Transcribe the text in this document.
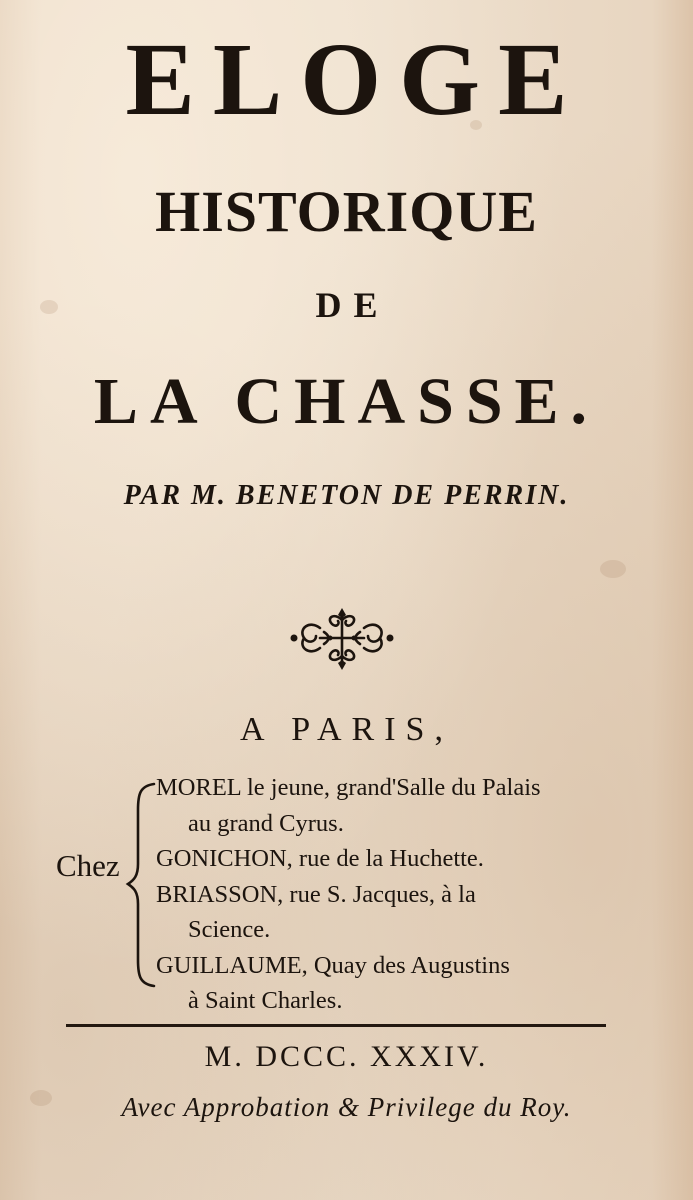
ELOGE

HISTORIQUE

DE

LA CHASSE.

PAR M. BENETON DE PERRIN.

A PARIS,

Chez
MOREL le jeune, grand'Salle du Palais
au grand Cyrus.
GONICHON, rue de la Huchette.
BRIASSON, rue S. Jacques, à la
Science.
GUILLAUME, Quay des Augustins
à Saint Charles.

M. DCCC. XXXIV.

Avec Approbation & Privilege du Roy.
